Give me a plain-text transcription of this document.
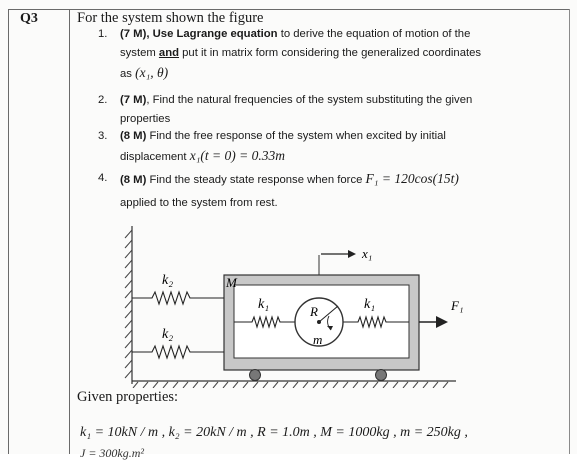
Q3	For the system shown the figure
1. (7 M), Use Lagrange equation to derive the equation of motion of the
system and put it in matrix form considering the generalized coordinates
as (x₁, θ)
2. (7 M), Find the natural frequencies of the system substituting the given
properties
3. (8 M) Find the free response of the system when excited by initial
displacement x₁(t = 0) = 0.33m
4. (8 M) Find the steady state response when force F₁ = 120cos(15t)
applied to the system from rest.
k₂
k₂
M
k₁	k₁
R
m
x₁
F₁
Given properties:
k₁ = 10kN / m , k₂ = 20kN / m , R = 1.0m , M = 1000kg , m = 250kg ,
J = 300kg.m²
